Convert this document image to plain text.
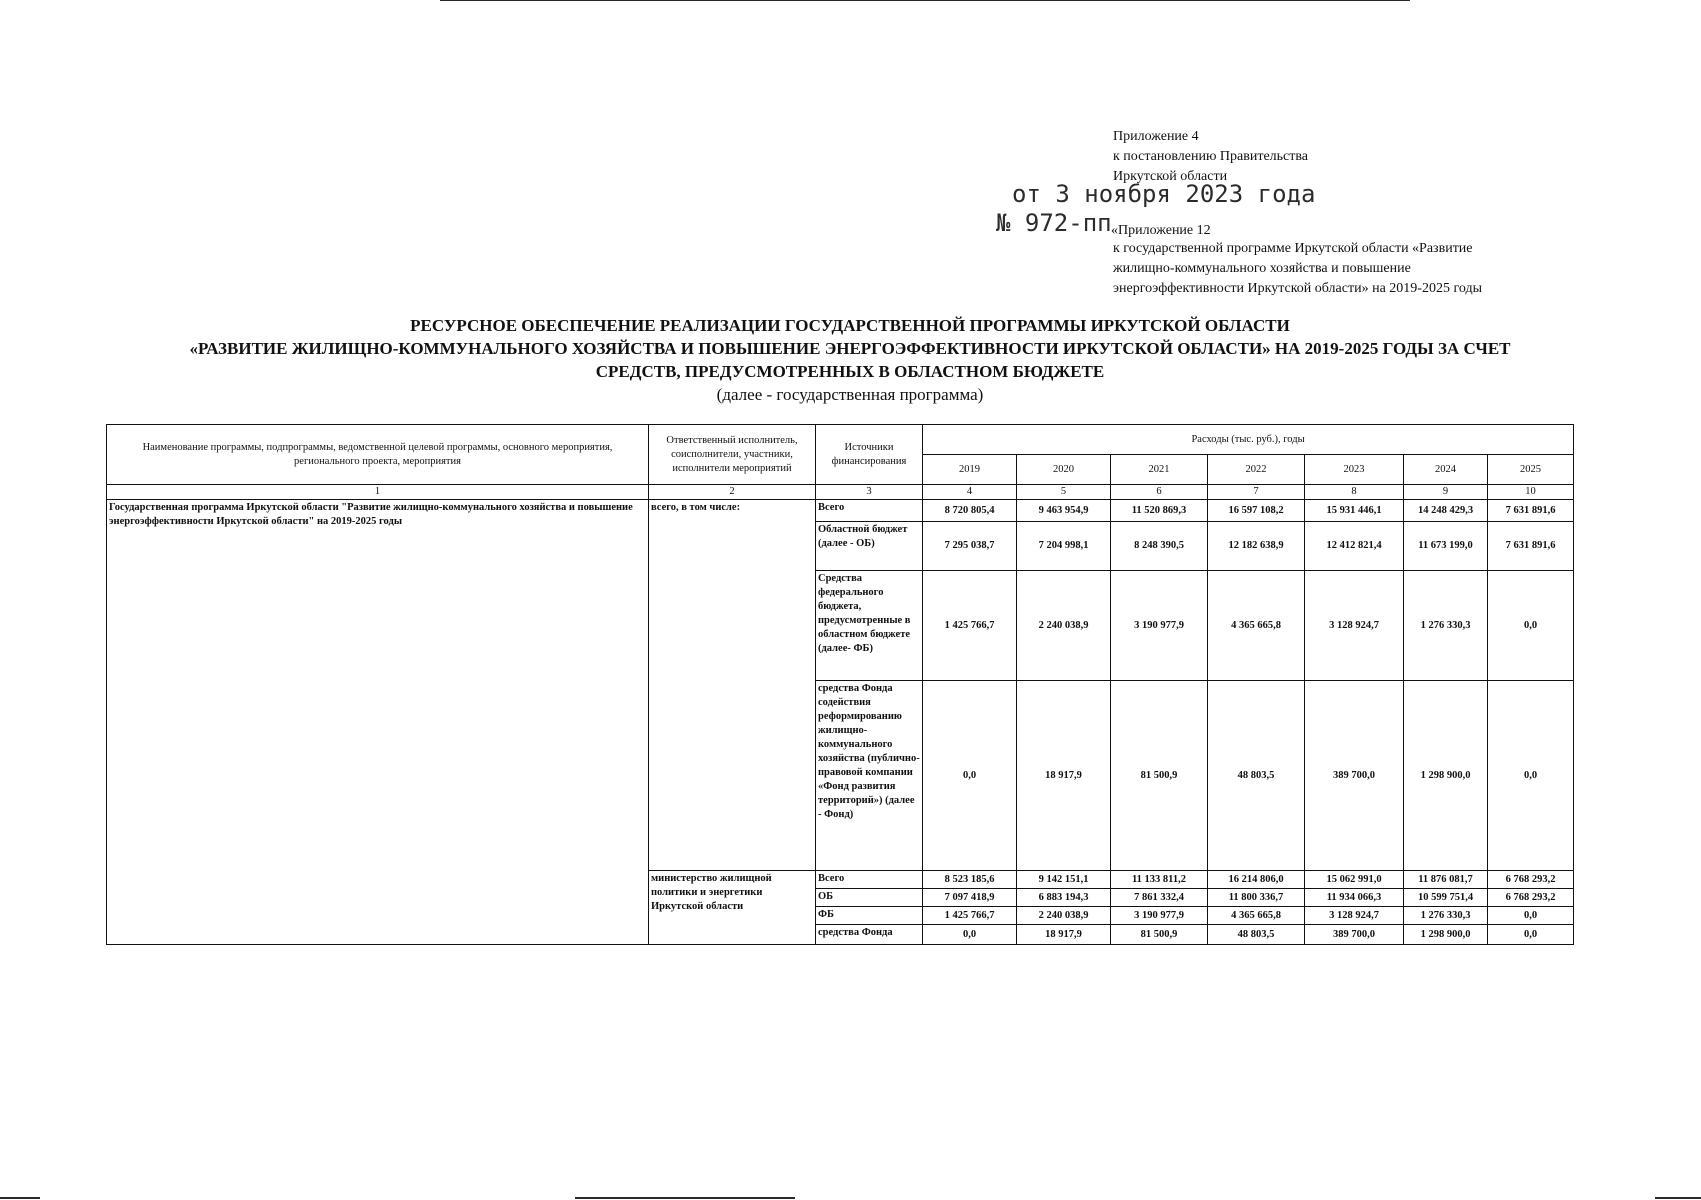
Приложение 4
к постановлению Правительства
Иркутской области
к государственной программе Иркутской области «Развитие
жилищно-коммунального хозяйства и повышение
энергоэффективности Иркутской области» на 2019-2025 годы
«Приложение 12
от 3 ноября 2023 года
№ 972-пп
РЕСУРСНОЕ ОБЕСПЕЧЕНИЕ РЕАЛИЗАЦИИ ГОСУДАРСТВЕННОЙ ПРОГРАММЫ ИРКУТСКОЙ ОБЛАСТИ
«РАЗВИТИЕ ЖИЛИЩНО-КОММУНАЛЬНОГО ХОЗЯЙСТВА И ПОВЫШЕНИЕ ЭНЕРГОЭФФЕКТИВНОСТИ ИРКУТСКОЙ ОБЛАСТИ» НА 2019-2025 ГОДЫ ЗА СЧЕТ
СРЕДСТВ, ПРЕДУСМОТРЕННЫХ В ОБЛАСТНОМ БЮДЖЕТЕ
(далее - государственная программа)
Наименование программы, подпрограммы, ведомственной целевой программы, основного мероприятия, регионального проекта, мероприятия	Ответственный исполнитель, соисполнители, участники, исполнители мероприятий	Источники финансирования	Расходы (тыс. руб.), годы						
			2019	2020	2021	2022	2023	2024	2025
1	2	3	4	5	6	7	8	9	10
Государственная программа Иркутской области "Развитие жилищно-коммунального хозяйства и повышение энергоэффективности Иркутской области" на 2019-2025 годы	всего, в том числе:	Всего	8 720 805,4	9 463 954,9	11 520 869,3	16 597 108,2	15 931 446,1	14 248 429,3	7 631 891,6
		Областной бюджет (далее - ОБ)	7 295 038,7	7 204 998,1	8 248 390,5	12 182 638,9	12 412 821,4	11 673 199,0	7 631 891,6
		Средства федерального бюджета, предусмотренные в областном бюджете (далее- ФБ)	1 425 766,7	2 240 038,9	3 190 977,9	4 365 665,8	3 128 924,7	1 276 330,3	0,0
		средства Фонда содействия реформированию жилищно-коммунального хозяйства (публично-правовой компании «Фонд развития территорий») (далее - Фонд)	0,0	18 917,9	81 500,9	48 803,5	389 700,0	1 298 900,0	0,0
	министерство жилищной политики и энергетики Иркутской области	Всего	8 523 185,6	9 142 151,1	11 133 811,2	16 214 806,0	15 062 991,0	11 876 081,7	6 768 293,2
		ОБ	7 097 418,9	6 883 194,3	7 861 332,4	11 800 336,7	11 934 066,3	10 599 751,4	6 768 293,2
		ФБ	1 425 766,7	2 240 038,9	3 190 977,9	4 365 665,8	3 128 924,7	1 276 330,3	0,0
		средства Фонда	0,0	18 917,9	81 500,9	48 803,5	389 700,0	1 298 900,0	0,0
